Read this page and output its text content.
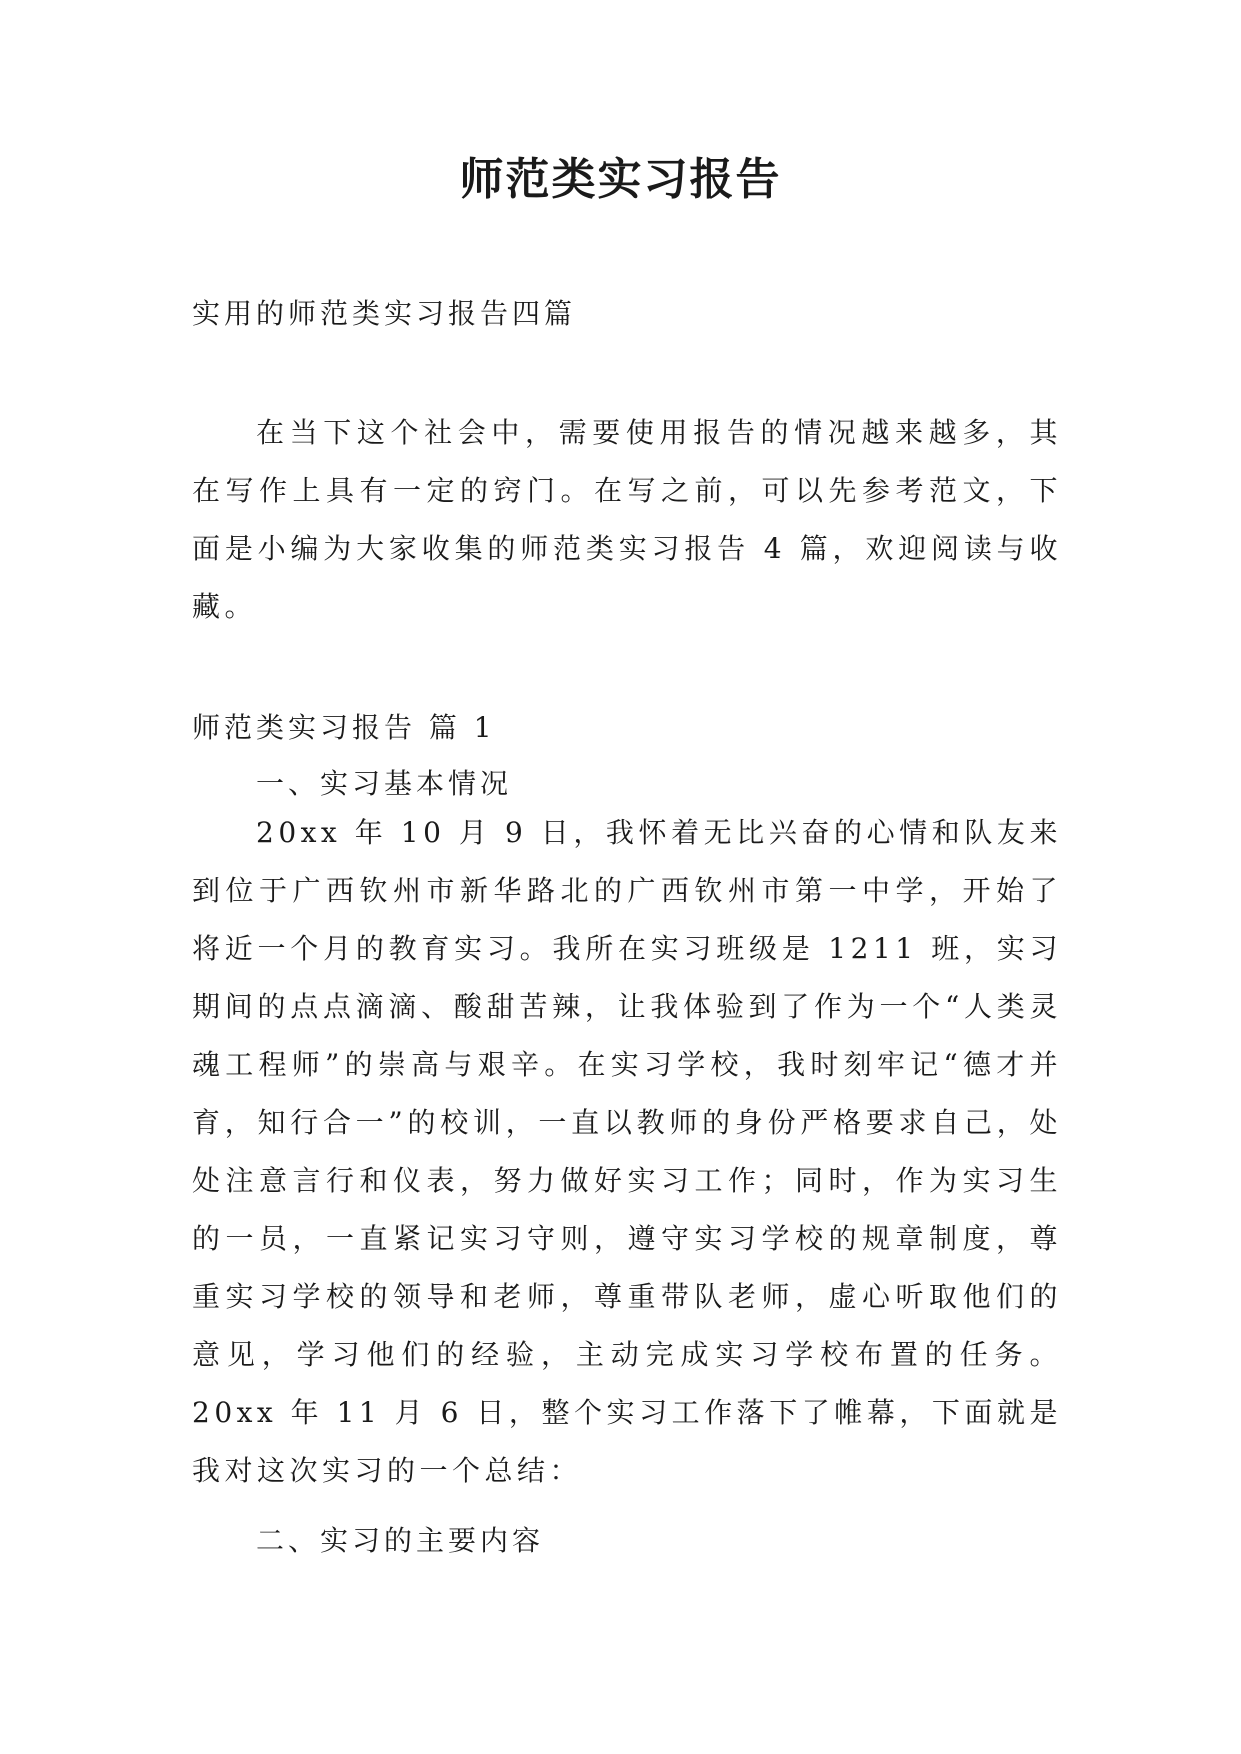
师范类实习报告
实用的师范类实习报告四篇
在当下这个社会中，需要使用报告的情况越来越多，其在写作上具有一定的窍门。在写之前，可以先参考范文，下面是小编为大家收集的师范类实习报告 4 篇，欢迎阅读与收藏。
师范类实习报告 篇 1
一、实习基本情况
20xx 年 10 月 9 日，我怀着无比兴奋的心情和队友来到位于广西钦州市新华路北的广西钦州市第一中学，开始了将近一个月的教育实习。我所在实习班级是 1211 班，实习期间的点点滴滴、酸甜苦辣，让我体验到了作为一个“人类灵魂工程师”的崇高与艰辛。在实习学校，我时刻牢记“德才并育，知行合一”的校训，一直以教师的身份严格要求自己，处处注意言行和仪表，努力做好实习工作；同时，作为实习生的一员，一直紧记实习守则，遵守实习学校的规章制度，尊重实习学校的领导和老师，尊重带队老师，虚心听取他们的意见，学习他们的经验，主动完成实习学校布置的任务。20xx 年 11 月 6 日，整个实习工作落下了帷幕，下面就是我对这次实习的一个总结：
二、实习的主要内容
